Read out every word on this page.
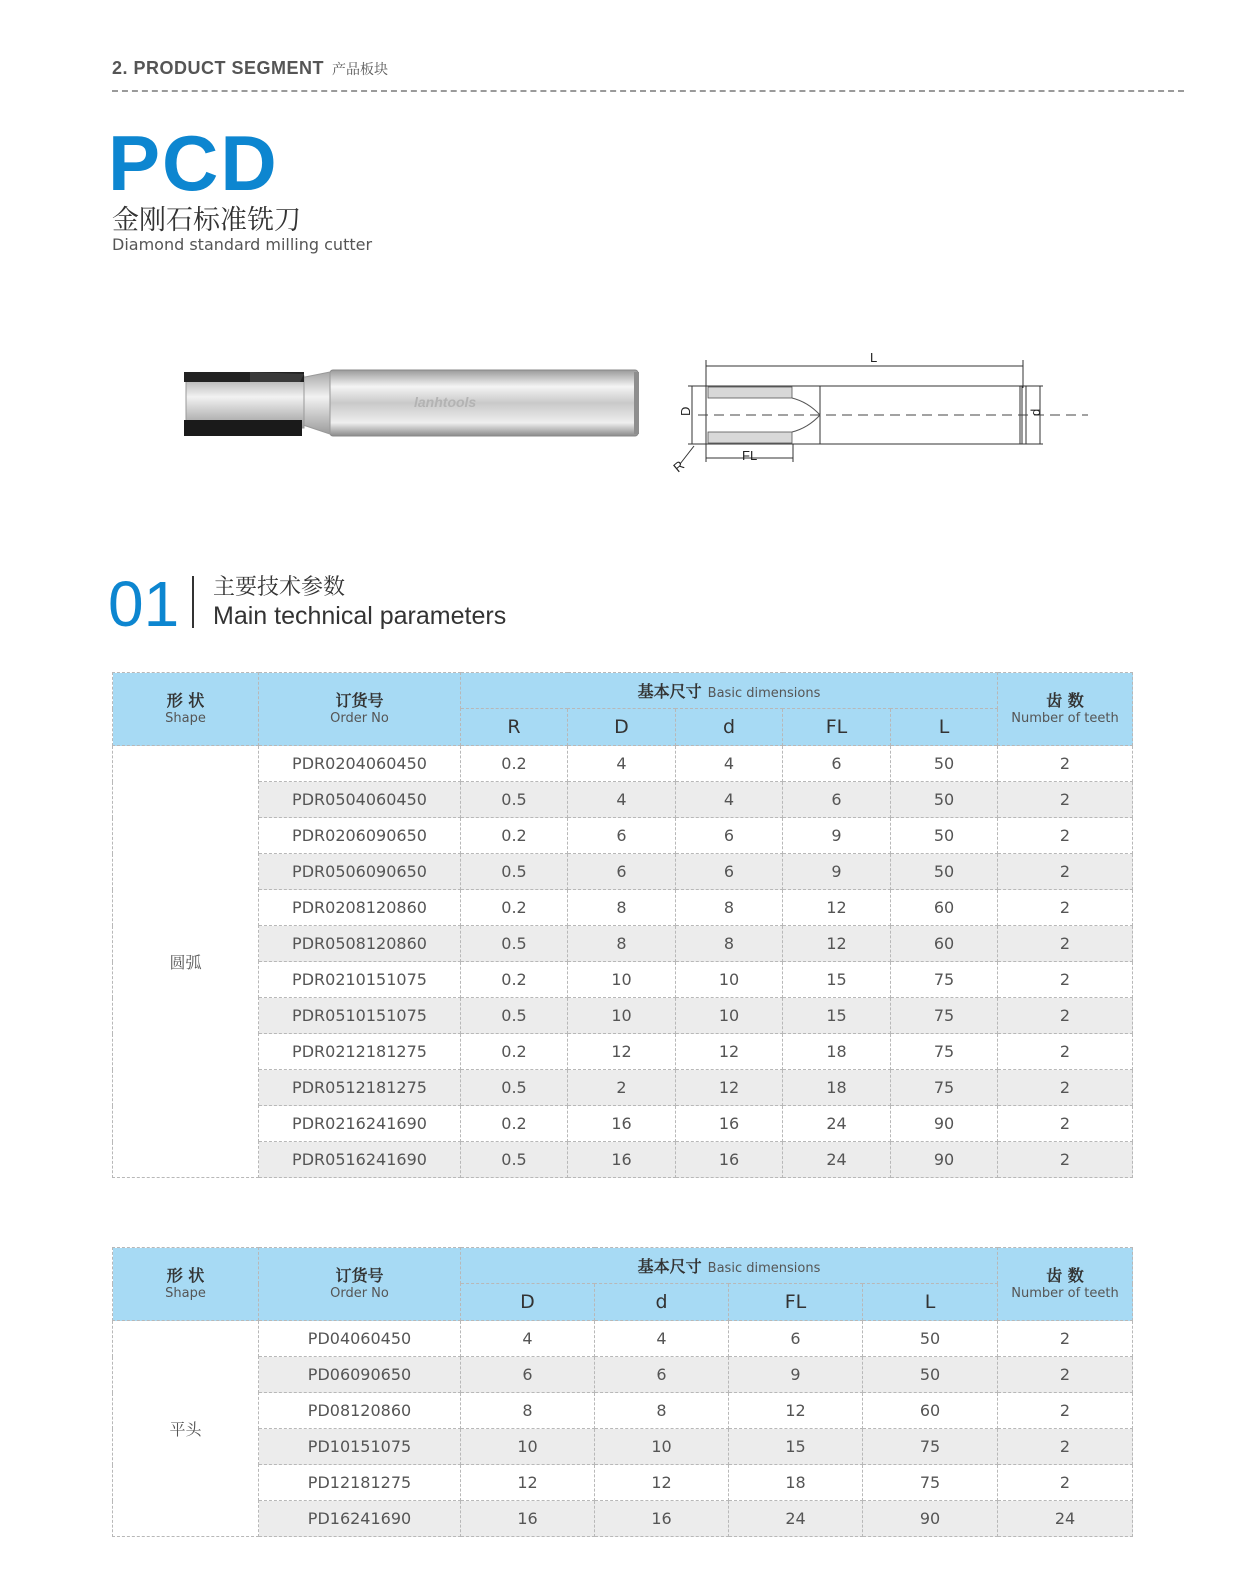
2. PRODUCT SEGMENT 产品板块
PCD
金刚石标准铣刀
Diamond standard milling cutter
lanhtools
L
D	d
FL
R
01 主要技术参数
Main technical parameters
形 状
Shape	订货号
Order No	基本尺寸 Basic dimensions					齿 数
Number of teeth

		R	D	d	FL	L	
圆弧	PDR0204060450	0.2	4	4	6	50	2
	PDR0504060450	0.5	4	4	6	50	2
	PDR0206090650	0.2	6	6	9	50	2
	PDR0506090650	0.5	6	6	9	50	2
	PDR0208120860	0.2	8	8	12	60	2
	PDR0508120860	0.5	8	8	12	60	2
	PDR0210151075	0.2	10	10	15	75	2
	PDR0510151075	0.5	10	10	15	75	2
	PDR0212181275	0.2	12	12	18	75	2
	PDR0512181275	0.5	2	12	18	75	2
	PDR0216241690	0.2	16	16	24	90	2
	PDR0516241690	0.5	16	16	24	90	2
形 状
Shape	订货号
Order No	基本尺寸 Basic dimensions				齿 数
Number of teeth

		D	d	FL	L	
平头	PD04060450	4	4	6	50	2
	PD06090650	6	6	9	50	2
	PD08120860	8	8	12	60	2
	PD10151075	10	10	15	75	2
	PD12181275	12	12	18	75	2
	PD16241690	16	16	24	90	24
